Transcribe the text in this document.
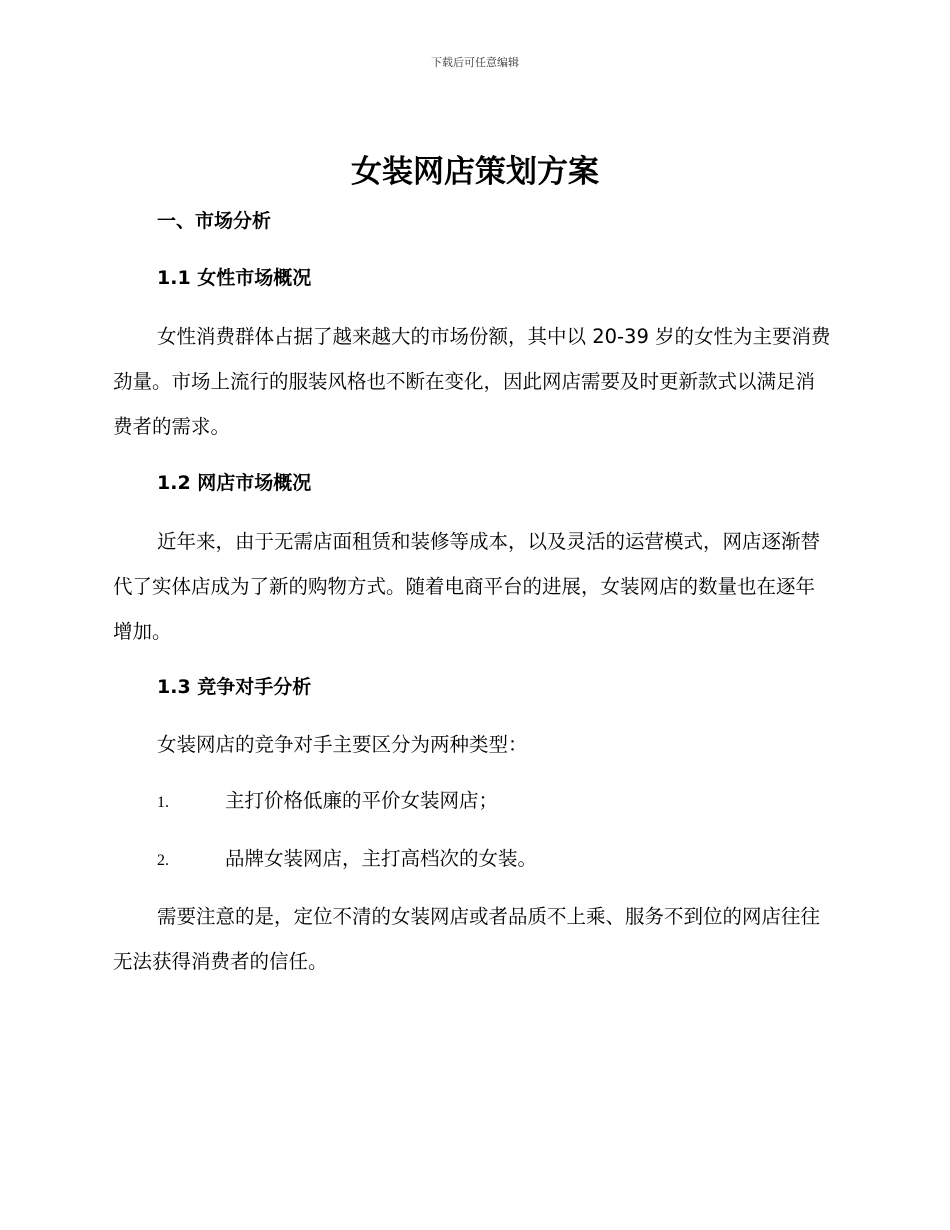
下载后可任意编辑
女装网店策划方案
一、市场分析
1.1 女性市场概况

女性消费群体占据了越来越大的市场份额，其中以 20-39 岁的女性为主要消费劲量。市场上流行的服装风格也不断在变化，因此网店需要及时更新款式以满足消费者的需求。

1.2 网店市场概况

近年来，由于无需店面租赁和装修等成本，以及灵活的运营模式，网店逐渐替代了实体店成为了新的购物方式。随着电商平台的进展，女装网店的数量也在逐年增加。

1.3 竞争对手分析

女装网店的竞争对手主要区分为两种类型：

1.	主打价格低廉的平价女装网店；
2.	品牌女装网店，主打高档次的女装。

需要注意的是，定位不清的女装网店或者品质不上乘、服务不到位的网店往往无法获得消费者的信任。
